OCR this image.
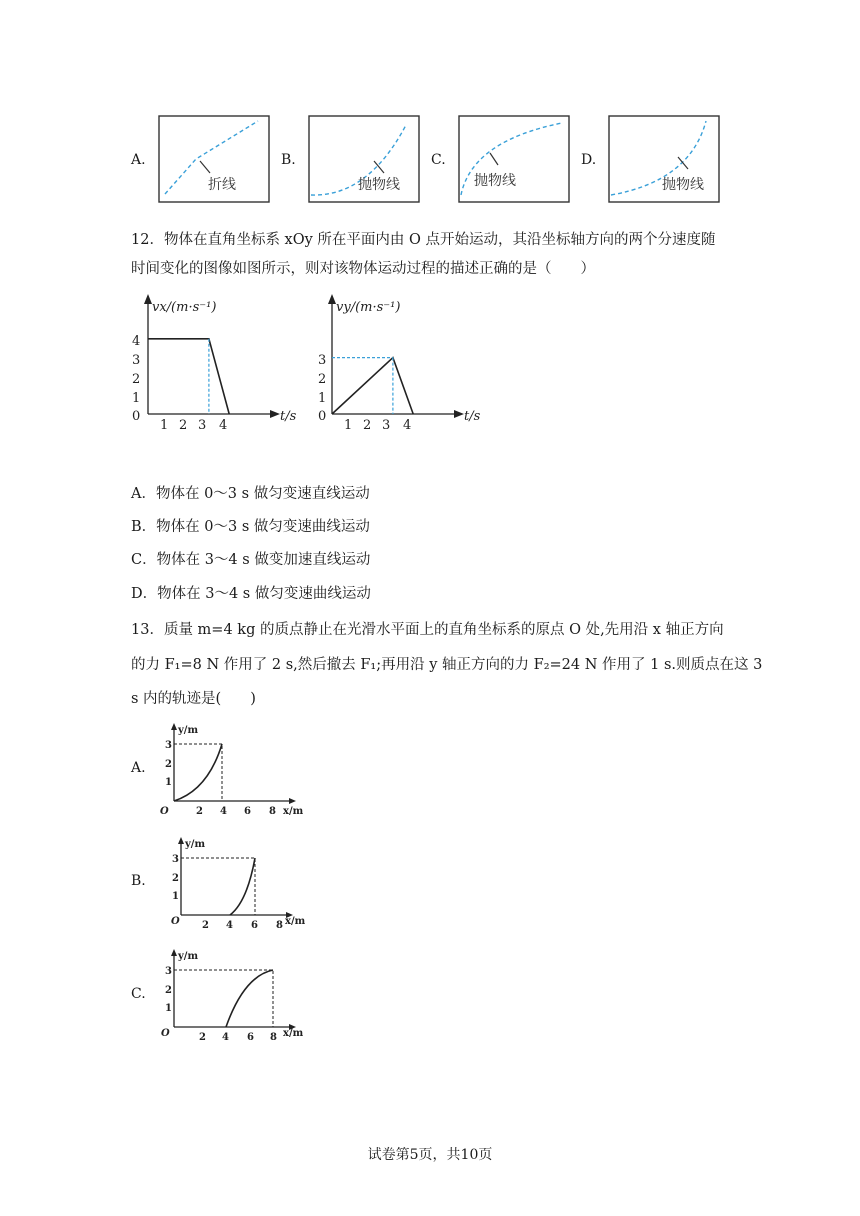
A.
折线
B.
抛物线
C.
抛物线
D.
抛物线
12．物体在直角坐标系 xOy 所在平面内由 O 点开始运动，其沿坐标轴方向的两个分速度随
时间变化的图像如图所示，则对该物体运动过程的描述正确的是（　　）
vx/(m·s⁻¹)
t/s
4
3
2
1
0
1 2 3 4
vy/(m·s⁻¹)
t/s
3
2
1
0
1 2 3 4
A．物体在 0～3 s 做匀变速直线运动
B．物体在 0～3 s 做匀变速曲线运动
C．物体在 3～4 s 做变加速直线运动
D．物体在 3～4 s 做匀变速曲线运动
13．质量 m=4 kg 的质点静止在光滑水平面上的直角坐标系的原点 O 处,先用沿 x 轴正方向
的力 F₁=8 N 作用了 2 s,然后撤去 F₁;再用沿 y 轴正方向的力 F₂=24 N 作用了 1 s.则质点在这 3
s 内的轨迹是(　　)
A.
y/m
x/m
O
3
2
1
2 4 6 8
B.
y/m
x/m
O
3
2
1
2 4 6 8
C.
y/m
x/m
O
3
2
1
2 4 6 8
试卷第5页，共10页
